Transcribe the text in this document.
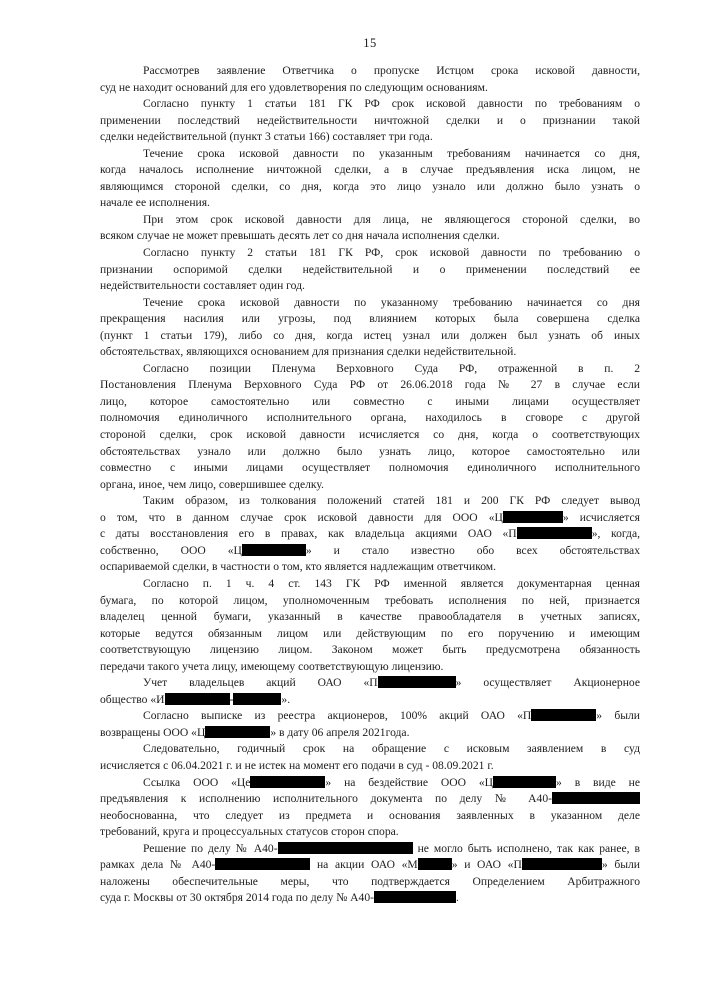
15
Рассмотрев заявление Ответчика о пропуске Истцом срока исковой давности,
суд не находит оснований для его удовлетворения по следующим основаниям.
Согласно пункту 1 статьи 181 ГК РФ срок исковой давности по требованиям о
применении последствий недействительности ничтожной сделки и о признании такой
сделки недействительной (пункт 3 статьи 166) составляет три года.
Течение срока исковой давности по указанным требованиям начинается со дня,
когда началось исполнение ничтожной сделки, а в случае предъявления иска лицом, не
являющимся стороной сделки, со дня, когда это лицо узнало или должно было узнать о
начале ее исполнения.
При этом срок исковой давности для лица, не являющегося стороной сделки, во
всяком случае не может превышать десять лет со дня начала исполнения сделки.
Согласно пункту 2 статьи 181 ГК РФ, срок исковой давности по требованию о
признании оспоримой сделки недействительной и о применении последствий ее
недействительности составляет один год.
Течение срока исковой давности по указанному требованию начинается со дня
прекращения насилия или угрозы, под влиянием которых была совершена сделка
(пункт 1 статьи 179), либо со дня, когда истец узнал или должен был узнать об иных
обстоятельствах, являющихся основанием для признания сделки недействительной.
Согласно позиции Пленума Верховного Суда РФ, отраженной в п. 2
Постановления Пленума Верховного Суда РФ от 26.06.2018 года № 27 в случае если
лицо, которое самостоятельно или совместно с иными лицами осуществляет
полномочия единоличного исполнительного органа, находилось в сговоре с другой
стороной сделки, срок исковой давности исчисляется со дня, когда о соответствующих
обстоятельствах узнало или должно было узнать лицо, которое самостоятельно или
совместно с иными лицами осуществляет полномочия единоличного исполнительного
органа, иное, чем лицо, совершившее сделку.
Таким образом, из толкования положений статей 181 и 200 ГК РФ следует вывод
о том, что в данном случае срок исковой давности для ООО «Ц	» исчисляется
с даты восстановления его в правах, как владельца акциями ОАО «П	», когда,
собственно, ООО «Ц	» и стало известно обо всех обстоятельствах
оспариваемой сделки, в частности о том, кто является надлежащим ответчиком.
Согласно п. 1 ч. 4 ст. 143 ГК РФ именной является документарная ценная
бумага, по которой лицом, уполномоченным требовать исполнения по ней, признается
владелец ценной бумаги, указанный в качестве правообладателя в учетных записях,
которые ведутся обязанным лицом или действующим по его поручению и имеющим
соответствующую лицензию лицом. Законом может быть предусмотрена обязанность
передачи такого учета лицу, имеющему соответствующую лицензию.
Учет владельцев акций ОАО «П	» осуществляет Акционерное
общество «И	-	».
Согласно выписке из реестра акционеров, 100% акций ОАО «П	» были
возвращены ООО «Ц	» в дату 06 апреля 2021года.
Следовательно, годичный срок на обращение с исковым заявлением в суд
исчисляется с 06.04.2021 г. и не истек на момент его подачи в суд - 08.09.2021 г.
Ссылка ООО «Це	» на бездействие ООО «Ц	» в виде не
предъявления к исполнению исполнительного документа по делу № А40-
необоснованна, что следует из предмета и основания заявленных в указанном деле
требований, круга и процессуальных статусов сторон спора.
Решение по делу № А40-	не могло быть исполнено, так как ранее, в
рамках дела № А40-	на акции ОАО «М	» и ОАО «П	» были
наложены обеспечительные меры, что подтверждается Определением Арбитражного
суда г. Москвы от 30 октября 2014 года по делу № А40-	.
